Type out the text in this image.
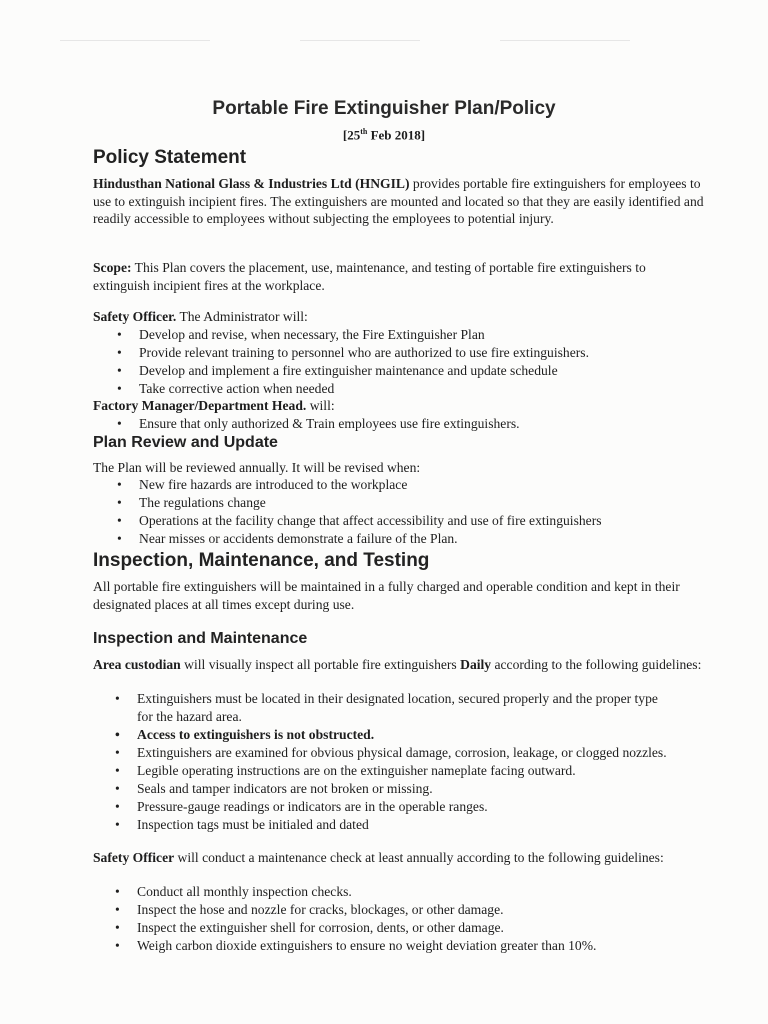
Portable Fire Extinguisher Plan/Policy
[25th Feb 2018]
Policy Statement
Hindusthan National Glass & Industries Ltd (HNGIL) provides portable fire extinguishers for employees to use to extinguish incipient fires. The extinguishers are mounted and located so that they are easily identified and readily accessible to employees without subjecting the employees to potential injury.
Scope: This Plan covers the placement, use, maintenance, and testing of portable fire extinguishers to extinguish incipient fires at the workplace.
Safety Officer. The Administrator will:
• Develop and revise, when necessary, the Fire Extinguisher Plan
• Provide relevant training to personnel who are authorized to use fire extinguishers.
• Develop and implement a fire extinguisher maintenance and update schedule
• Take corrective action when needed
Factory Manager/Department Head. will:
• Ensure that only authorized & Train employees use fire extinguishers.
Plan Review and Update
The Plan will be reviewed annually. It will be revised when:
• New fire hazards are introduced to the workplace
• The regulations change
• Operations at the facility change that affect accessibility and use of fire extinguishers
• Near misses or accidents demonstrate a failure of the Plan.
Inspection, Maintenance, and Testing
All portable fire extinguishers will be maintained in a fully charged and operable condition and kept in their designated places at all times except during use.
Inspection and Maintenance
Area custodian will visually inspect all portable fire extinguishers Daily according to the following guidelines:
• Extinguishers must be located in their designated location, secured properly and the proper type for the hazard area.
• Access to extinguishers is not obstructed.
• Extinguishers are examined for obvious physical damage, corrosion, leakage, or clogged nozzles.
• Legible operating instructions are on the extinguisher nameplate facing outward.
• Seals and tamper indicators are not broken or missing.
• Pressure-gauge readings or indicators are in the operable ranges.
• Inspection tags must be initialed and dated
Safety Officer will conduct a maintenance check at least annually according to the following guidelines:
• Conduct all monthly inspection checks.
• Inspect the hose and nozzle for cracks, blockages, or other damage.
• Inspect the extinguisher shell for corrosion, dents, or other damage.
• Weigh carbon dioxide extinguishers to ensure no weight deviation greater than 10%.
